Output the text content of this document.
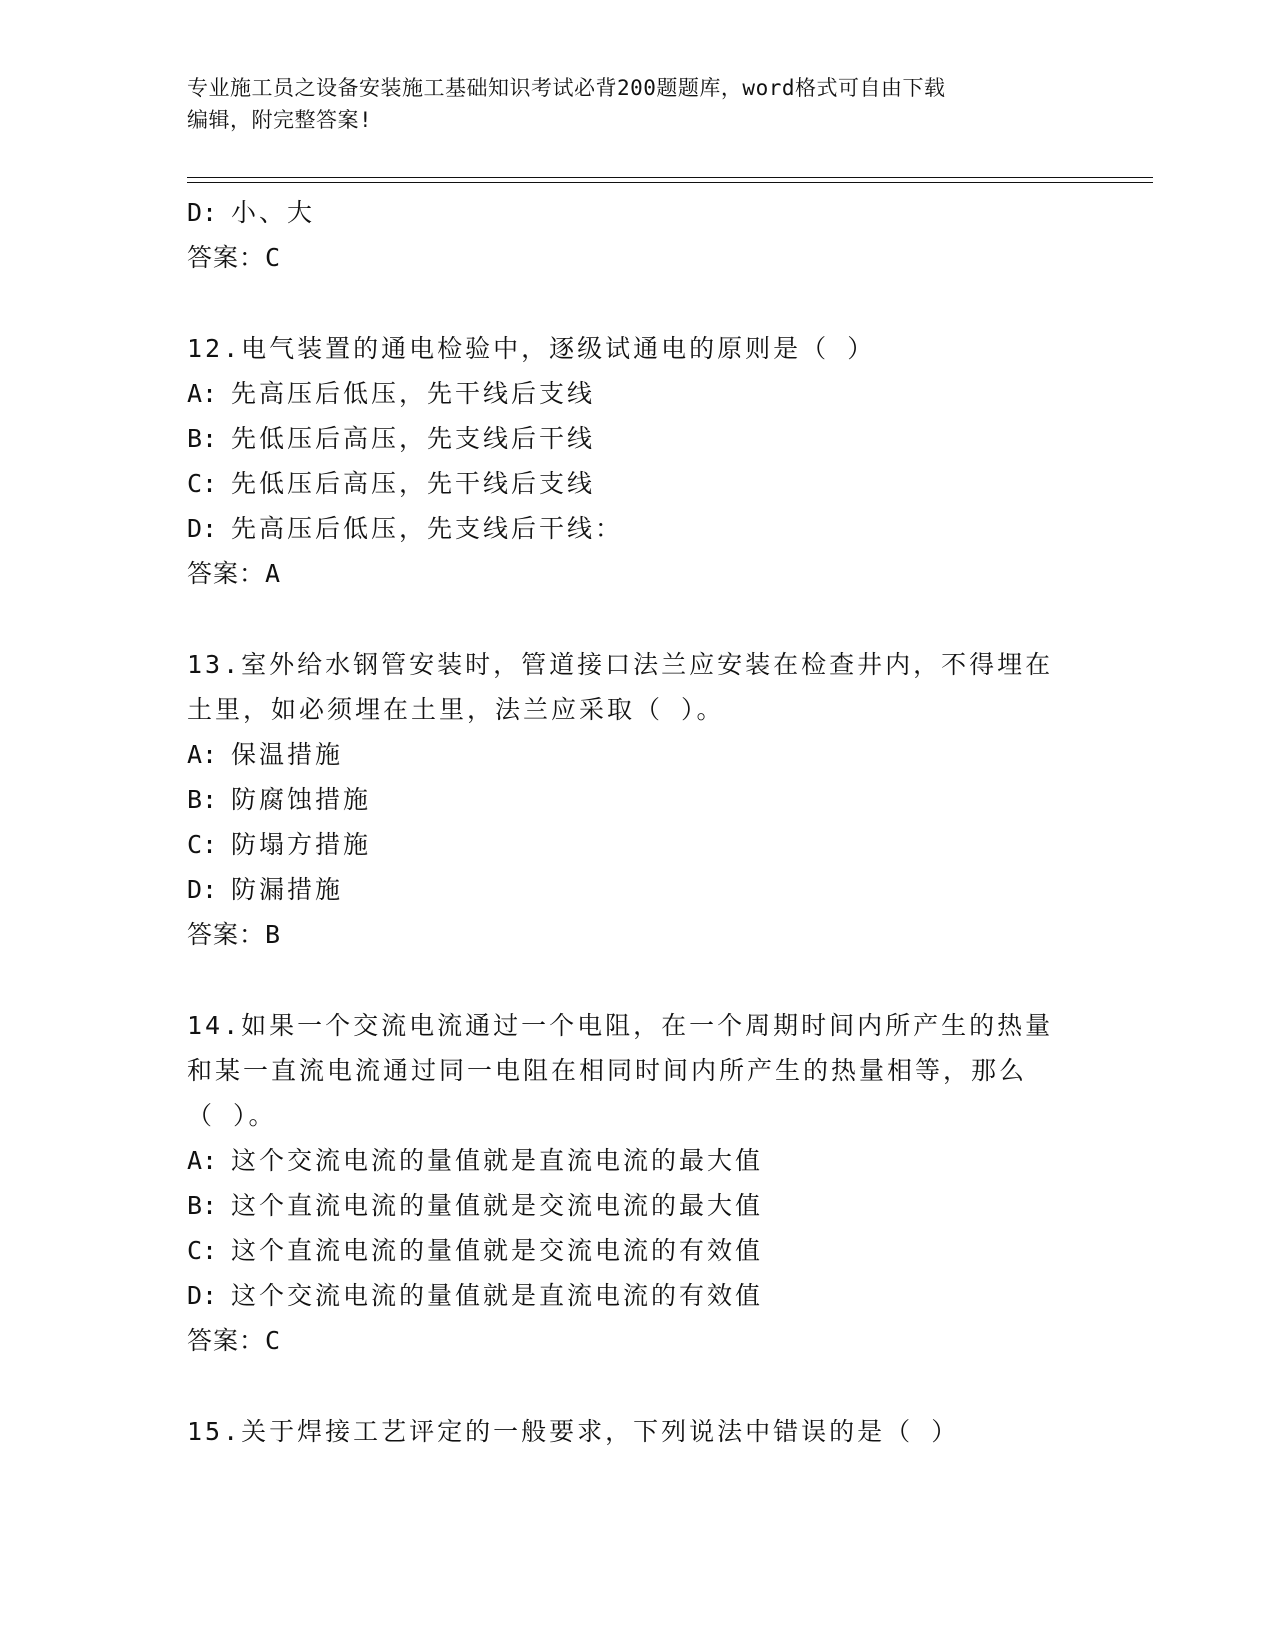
专业施工员之设备安装施工基础知识考试必背200题题库，word格式可自由下载
编辑，附完整答案!
D: 小、大
答案：C
12.电气装置的通电检验中，逐级试通电的原则是（ ）
A: 先高压后低压，先干线后支线
B: 先低压后高压，先支线后干线
C: 先低压后高压，先干线后支线
D: 先高压后低压，先支线后干线：
答案：A
13.室外给水钢管安装时，管道接口法兰应安装在检查井内，不得埋在
土里，如必须埋在土里，法兰应采取（ ）。
A: 保温措施
B: 防腐蚀措施
C: 防塌方措施
D: 防漏措施
答案：B
14.如果一个交流电流通过一个电阻，在一个周期时间内所产生的热量
和某一直流电流通过同一电阻在相同时间内所产生的热量相等，那么
（ ）。
A: 这个交流电流的量值就是直流电流的最大值
B: 这个直流电流的量值就是交流电流的最大值
C: 这个直流电流的量值就是交流电流的有效值
D: 这个交流电流的量值就是直流电流的有效值
答案：C
15.关于焊接工艺评定的一般要求，下列说法中错误的是（ ）
